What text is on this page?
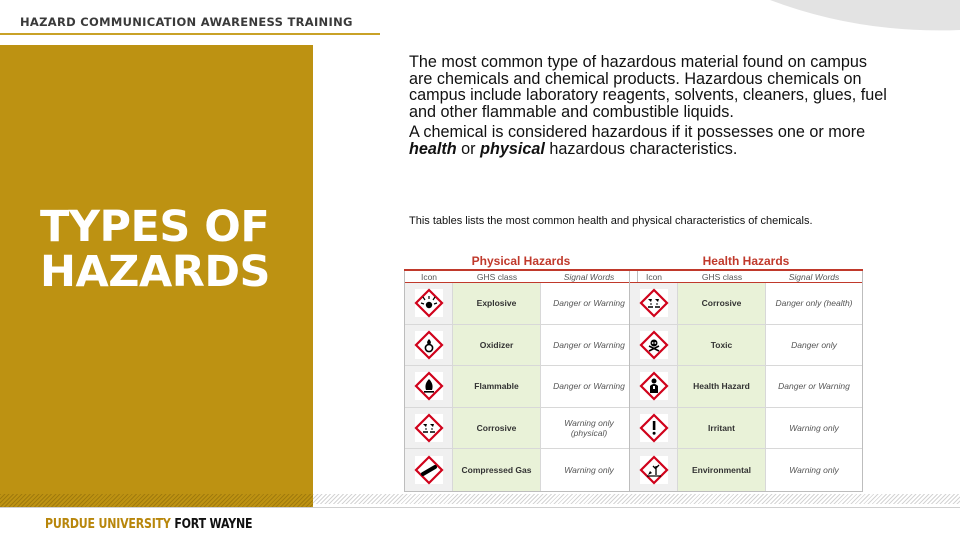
HAZARD COMMUNICATION AWARENESS TRAINING
TYPES OF
HAZARDS

The most common type of hazardous material found on campus are chemicals and chemical products. Hazardous chemicals on campus include laboratory reagents, solvents, cleaners, glues, fuel and other flammable and combustible liquids.

A chemical is considered hazardous if it possesses one or more health or physical hazardous characteristics.

This tables lists the most common health and physical characteristics of chemicals.
Physical Hazards
Icon	GHS class	Signal Words
Explosive	Danger or Warning
Oxidizer	Danger or Warning
Flammable	Danger or Warning
Corrosive	Warning only (physical)
Compressed Gas	Warning only
Health Hazards
Icon	GHS class	Signal Words
Corrosive	Danger only (health)
Toxic	Danger only
Health Hazard	Danger or Warning
Irritant	Warning only
Environmental	Warning only
PURDUE UNIVERSITY FORT WAYNE
